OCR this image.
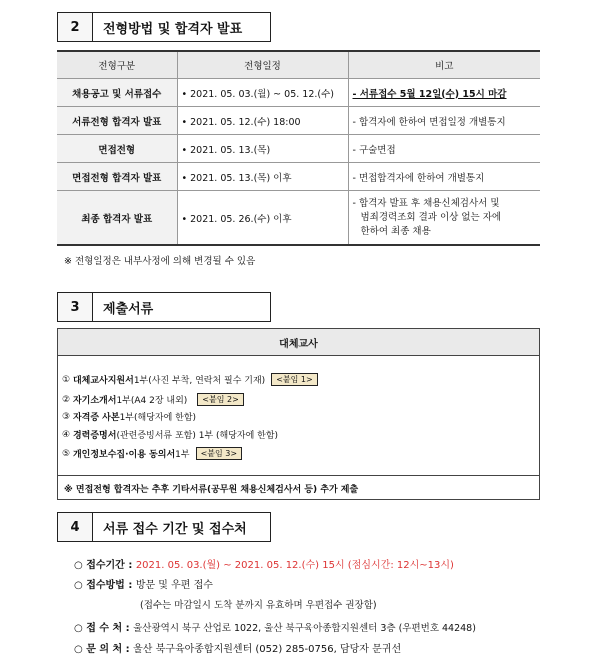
2	전형방법 및 합격자 발표
전형구분	전형일정	비고
채용공고 및 서류접수	• 2021. 05. 03.(월) ~ 05. 12.(수)	- 서류접수 5월 12일(수) 15시 마감
서류전형 합격자 발표	• 2021. 05. 12.(수) 18:00	- 합격자에 한하여 면접일정 개별통지
면접전형	• 2021. 05. 13.(목)	- 구술면접
면접전형 합격자 발표	• 2021. 05. 13.(목) 이후	- 면접합격자에 한하여 개별통지
최종 합격자 발표	• 2021. 05. 26.(수) 이후	- 합격자 발표 후 채용신체검사서 및
범죄경력조회 결과 이상 없는 자에
한하여 최종 채용
※ 전형일정은 내부사정에 의해 변경될 수 있음
3	제출서류
대체교사
①
대체교사지원서 1부(사진 부착, 연락처 필수 기재)	<붙임 1>
②
자기소개서 1부(A4 2장 내외)	<붙임 2>
③
자격증 사본 1부(해당자에 한함)
④
경력증명서 (관련증빙서류 포함) 1부 (해당자에 한함)
⑤
개인정보수집·이용 동의서 1부	<붙임 3>
※ 면접전형 합격자는 추후 기타서류(공무원 채용신체검사서 등) 추가 제출
4	서류 접수 기간 및 접수처
○ 접수기간 : 2021. 05. 03.(월) ~ 2021. 05. 12.(수) 15시 (점심시간: 12시~13시)
○ 접수방법 : 방문 및 우편 접수
(접수는 마감일시 도착 분까지 유효하며 우편접수 권장함)
○ 접 수 처 : 울산광역시 북구 산업로 1022, 울산 북구육아종합지원센터 3층 (우편번호 44248)
○ 문 의 처 : 울산 북구육아종합지원센터 (052) 285-0756, 담당자 문귀선
